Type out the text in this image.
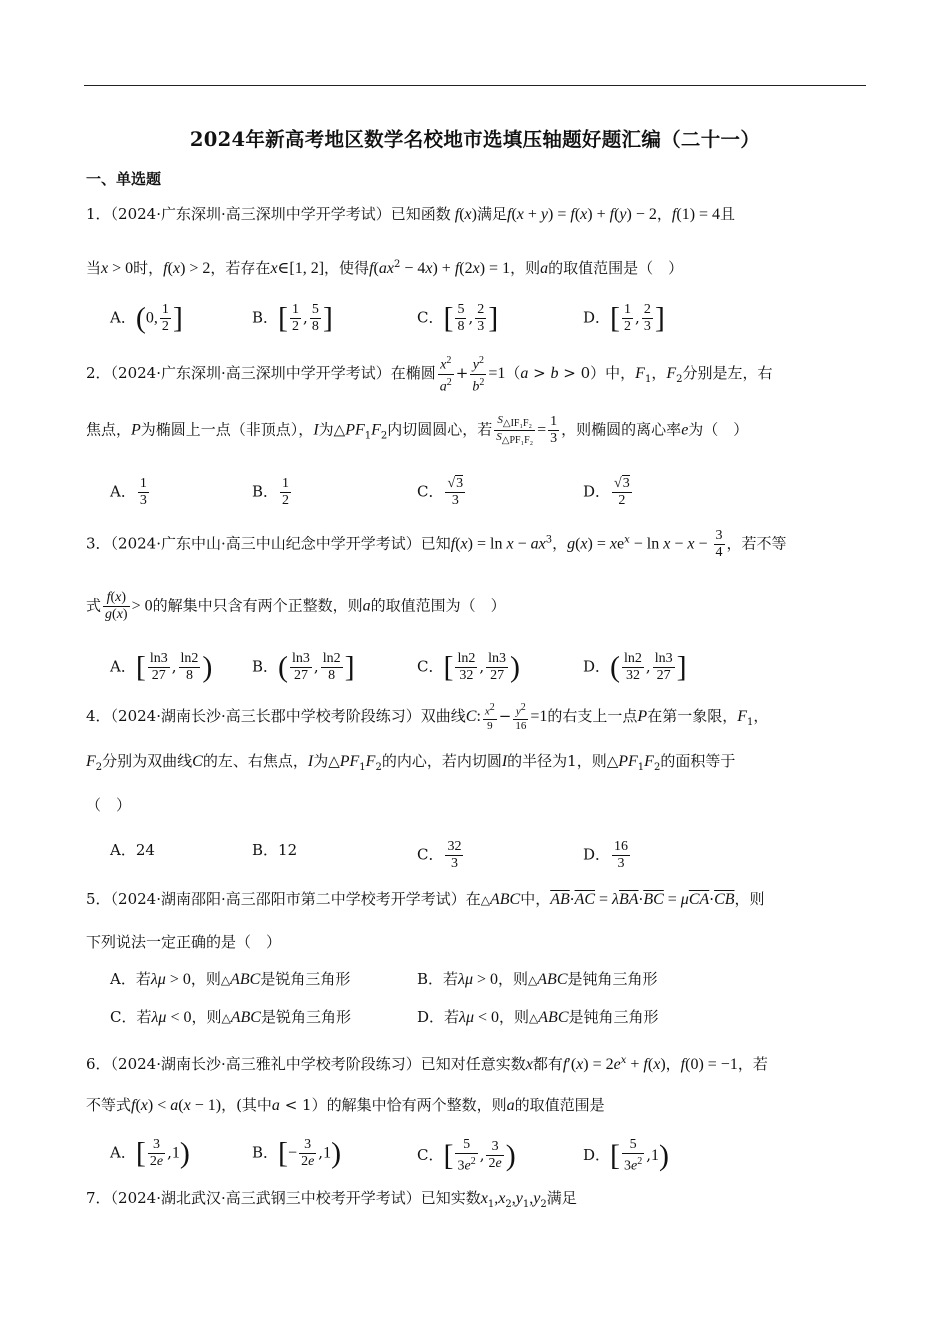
2024年新高考地区数学名校地市选填压轴题好题汇编（二十一）
一、单选题
1．（2024·广东深圳·高三深圳中学开学考试）已知函数 f(x)满足f(x + y) = f(x) + f(y) − 2，f(1) = 4且
当x > 0时，f(x) > 2，若存在x∈[1, 2]，使得$f(ax^2 - 4x) + f(2x) = 1$，则a的取值范围是（　）
A．(0, $\frac{1}{2}$ ]	B．[ $\frac{1}{2}$ , $\frac{5}{8}$ ]	C．[ $\frac{5}{8}$ , $\frac{2}{3}$ ]	D．[ $\frac{1}{2}$ , $\frac{2}{3}$ ]
2．（2024·广东深圳·高三深圳中学开学考试）在椭圆 $\frac{x^2}{a^2} + \frac{y^2}{b^2} =1(a > b > 0)$中，$F_1$，$F_2$分别是左，右
焦点，P为椭圆上一点（非顶点），I为$\triangle PF_1F_2$内切圆圆心，若 $\frac{S_{\triangle IF_1F_2}}{S_{\triangle PF_1F_2}} = \frac{1}{3}$ ，则椭圆的离心率e为（　）
A． $\frac{1}{3}$	B． $\frac{1}{2}$	C． $\frac{√3}{3}$	D． $\frac{√3}{2}$
3．（2024·广东中山·高三中山纪念中学开学考试）已知$f(x) = \ln x - ax^3$，$g(x) = xe^x - \ln x - x - \frac{3}{4}$ ，若不等
式 $\frac{f(x)}{g(x)} > 0$的解集中只含有两个正整数，则a的取值范围为（　）
A．[ $\frac{\ln 3}{27}$ , $\frac{\ln 2}{8}$ )	B．( $\frac{\ln 3}{27}$ , $\frac{\ln 2}{8}$ ]	C．[ $\frac{\ln 2}{32}$ , $\frac{\ln 3}{27}$ )	D．( $\frac{\ln 2}{32}$ , $\frac{\ln 3}{27}$ ]
4．（2024·湖南长沙·高三长郡中学校考阶段练习）双曲线C: $\frac{x^2}{9} - \frac{y^2}{16} =1$的右支上一点P在第一象限，$F_1$，
$F_2$分别为双曲线C的左、右焦点，I为$\triangle PF_1F_2$的内心，若内切圆I的半径为1，则$\triangle PF_1F_2$的面积等于
（　）
A．24	B．12	C． $\frac{32}{3}$	D． $\frac{16}{3}$
5．（2024·湖南邵阳·高三邵阳市第二中学校考开学考试）在△ABC中，$\overline{AB}\cdot\overline{AC} = \lambda\overline{BA}\cdot\overline{BC} = \mu\overline{CA}\cdot\overline{CB}$，则
下列说法一定正确的是（　）
A．若λμ > 0，则△ABC是锐角三角形	B．若λμ > 0，则△ABC是钝角三角形
C．若λμ < 0，则△ABC是锐角三角形	D．若λμ < 0，则△ABC是钝角三角形
6．（2024·湖南长沙·高三雅礼中学校考阶段练习）已知对任意实数x都有$f'(x) = 2e^x + f(x)$，f(0) = −1，若
不等式f(x) < a(x − 1)，(其中a < 1）的解集中恰有两个整数，则a的取值范围是
A．[ $\frac{3}{2e} ,1$)	B．[− $\frac{3}{2e} ,1$)	C．[ $\frac{5}{3e^2}$ , $\frac{3}{2e}$ )	D．[ $\frac{5}{3e^2} ,1$)
7．（2024·湖北武汉·高三武钢三中校考开学考试）已知实数$x_1,x_2,y_1,y_2$满足
